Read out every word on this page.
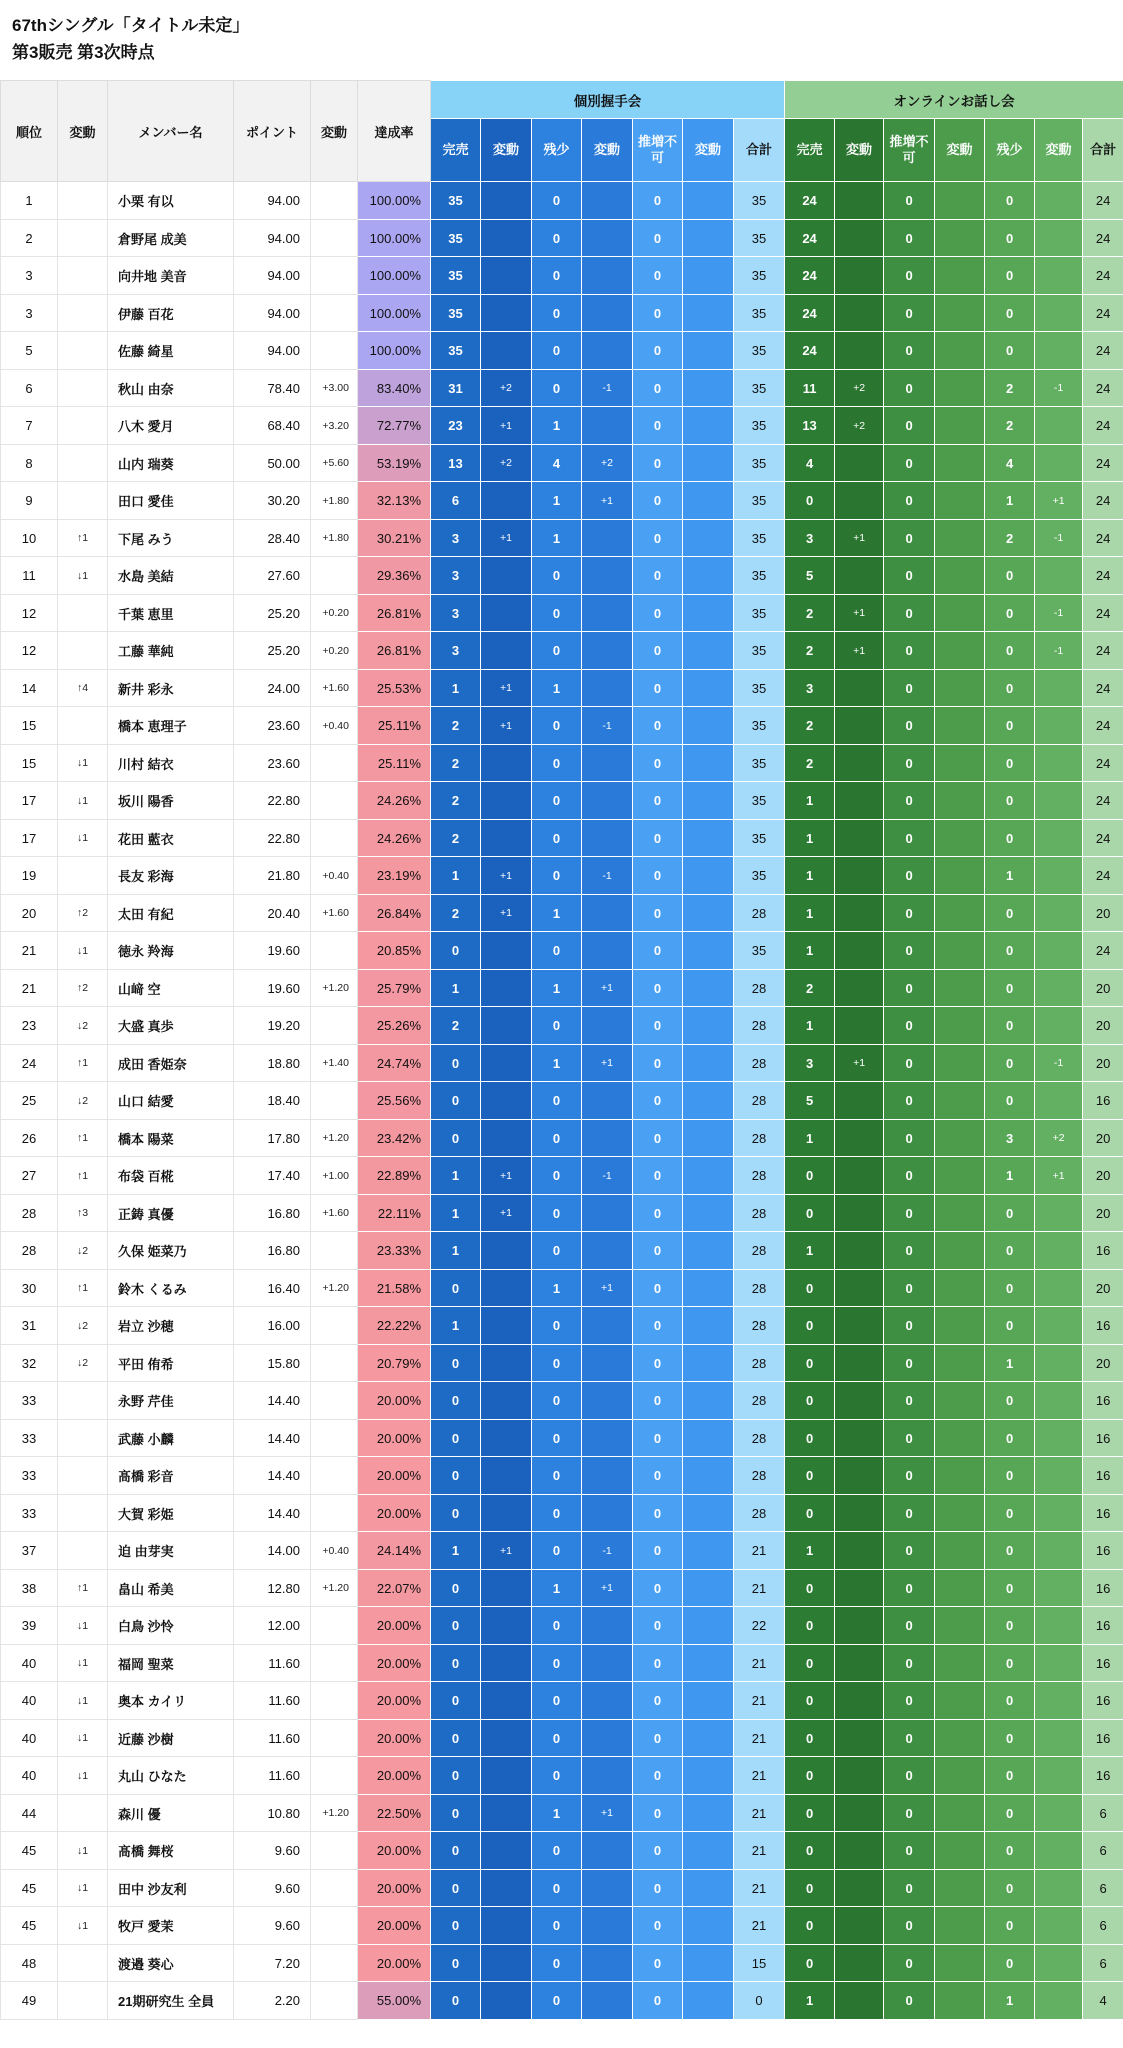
67thシングル「タイトル未定」
第3販売 第3次時点
順位	変動	メンバー名	ポイント	変動	達成率	個別握手会							オンラインお話し会						
						完売	変動	残少	変動	推増不可	変動	合計	完売	変動	推増不可	変動	残少	変動	合計
1		小栗 有以	94.00		100.00%	35		0		0		35	24		0		0		24
2		倉野尾 成美	94.00		100.00%	35		0		0		35	24		0		0		24
3		向井地 美音	94.00		100.00%	35		0		0		35	24		0		0		24
3		伊藤 百花	94.00		100.00%	35		0		0		35	24		0		0		24
5		佐藤 綺星	94.00		100.00%	35		0		0		35	24		0		0		24
6		秋山 由奈	78.40	+3.00	83.40%	31	+2	0	-1	0		35	11	+2	0		2	-1	24
7		八木 愛月	68.40	+3.20	72.77%	23	+1	1		0		35	13	+2	0		2		24
8		山内 瑞葵	50.00	+5.60	53.19%	13	+2	4	+2	0		35	4		0		4		24
9		田口 愛佳	30.20	+1.80	32.13%	6		1	+1	0		35	0		0		1	+1	24
10	↑1	下尾 みう	28.40	+1.80	30.21%	3	+1	1		0		35	3	+1	0		2	-1	24
11	↓1	水島 美結	27.60		29.36%	3		0		0		35	5		0		0		24
12		千葉 恵里	25.20	+0.20	26.81%	3		0		0		35	2	+1	0		0	-1	24
12		工藤 華純	25.20	+0.20	26.81%	3		0		0		35	2	+1	0		0	-1	24
14	↑4	新井 彩永	24.00	+1.60	25.53%	1	+1	1		0		35	3		0		0		24
15		橋本 恵理子	23.60	+0.40	25.11%	2	+1	0	-1	0		35	2		0		0		24
15	↓1	川村 結衣	23.60		25.11%	2		0		0		35	2		0		0		24
17	↓1	坂川 陽香	22.80		24.26%	2		0		0		35	1		0		0		24
17	↓1	花田 藍衣	22.80		24.26%	2		0		0		35	1		0		0		24
19		長友 彩海	21.80	+0.40	23.19%	1	+1	0	-1	0		35	1		0		1		24
20	↑2	太田 有紀	20.40	+1.60	26.84%	2	+1	1		0		28	1		0		0		20
21	↓1	徳永 羚海	19.60		20.85%	0		0		0		35	1		0		0		24
21	↑2	山﨑 空	19.60	+1.20	25.79%	1		1	+1	0		28	2		0		0		20
23	↓2	大盛 真歩	19.20		25.26%	2		0		0		28	1		0		0		20
24	↑1	成田 香姫奈	18.80	+1.40	24.74%	0		1	+1	0		28	3	+1	0		0	-1	20
25	↓2	山口 結愛	18.40		25.56%	0		0		0		28	5		0		0		16
26	↑1	橋本 陽菜	17.80	+1.20	23.42%	0		0		0		28	1		0		3	+2	20
27	↑1	布袋 百椛	17.40	+1.00	22.89%	1	+1	0	-1	0		28	0		0		1	+1	20
28	↑3	正鋳 真優	16.80	+1.60	22.11%	1	+1	0		0		28	0		0		0		20
28	↓2	久保 姫菜乃	16.80		23.33%	1		0		0		28	1		0		0		16
30	↑1	鈴木 くるみ	16.40	+1.20	21.58%	0		1	+1	0		28	0		0		0		20
31	↓2	岩立 沙穂	16.00		22.22%	1		0		0		28	0		0		0		16
32	↓2	平田 侑希	15.80		20.79%	0		0		0		28	0		0		1		20
33		永野 芹佳	14.40		20.00%	0		0		0		28	0		0		0		16
33		武藤 小麟	14.40		20.00%	0		0		0		28	0		0		0		16
33		髙橋 彩音	14.40		20.00%	0		0		0		28	0		0		0		16
33		大賀 彩姫	14.40		20.00%	0		0		0		28	0		0		0		16
37		迫 由芽実	14.00	+0.40	24.14%	1	+1	0	-1	0		21	1		0		0		16
38	↑1	畠山 希美	12.80	+1.20	22.07%	0		1	+1	0		21	0		0		0		16
39	↓1	白鳥 沙怜	12.00		20.00%	0		0		0		22	0		0		0		16
40	↓1	福岡 聖菜	11.60		20.00%	0		0		0		21	0		0		0		16
40	↓1	奥本 カイリ	11.60		20.00%	0		0		0		21	0		0		0		16
40	↓1	近藤 沙樹	11.60		20.00%	0		0		0		21	0		0		0		16
40	↓1	丸山 ひなた	11.60		20.00%	0		0		0		21	0		0		0		16
44		森川 優	10.80	+1.20	22.50%	0		1	+1	0		21	0		0		0		6
45	↓1	髙橋 舞桜	9.60		20.00%	0		0		0		21	0		0		0		6
45	↓1	田中 沙友利	9.60		20.00%	0		0		0		21	0		0		0		6
45	↓1	牧戸 愛茉	9.60		20.00%	0		0		0		21	0		0		0		6
48		渡邉 葵心	7.20		20.00%	0		0		0		15	0		0		0		6
49		21期研究生 全員	2.20		55.00%	0		0		0		0	1		0		1		4
